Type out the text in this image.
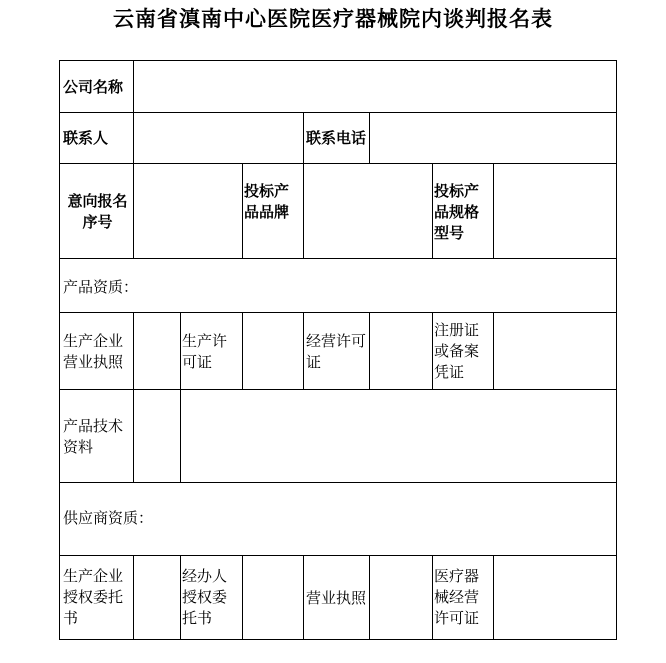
云南省滇南中心医院医疗器械院内谈判报名表
公司名称
联系人	联系电话
意向报名
序号
投标产
品品牌
投标产
品规格
型号
产品资质：
生产企业
营业执照
生产许
可证
经营许可
证
注册证
或备案
凭证
产品技术
资料
供应商资质：
生产企业
授权委托
书
经办人
授权委
托书
营业执照
医疗器
械经营
许可证
